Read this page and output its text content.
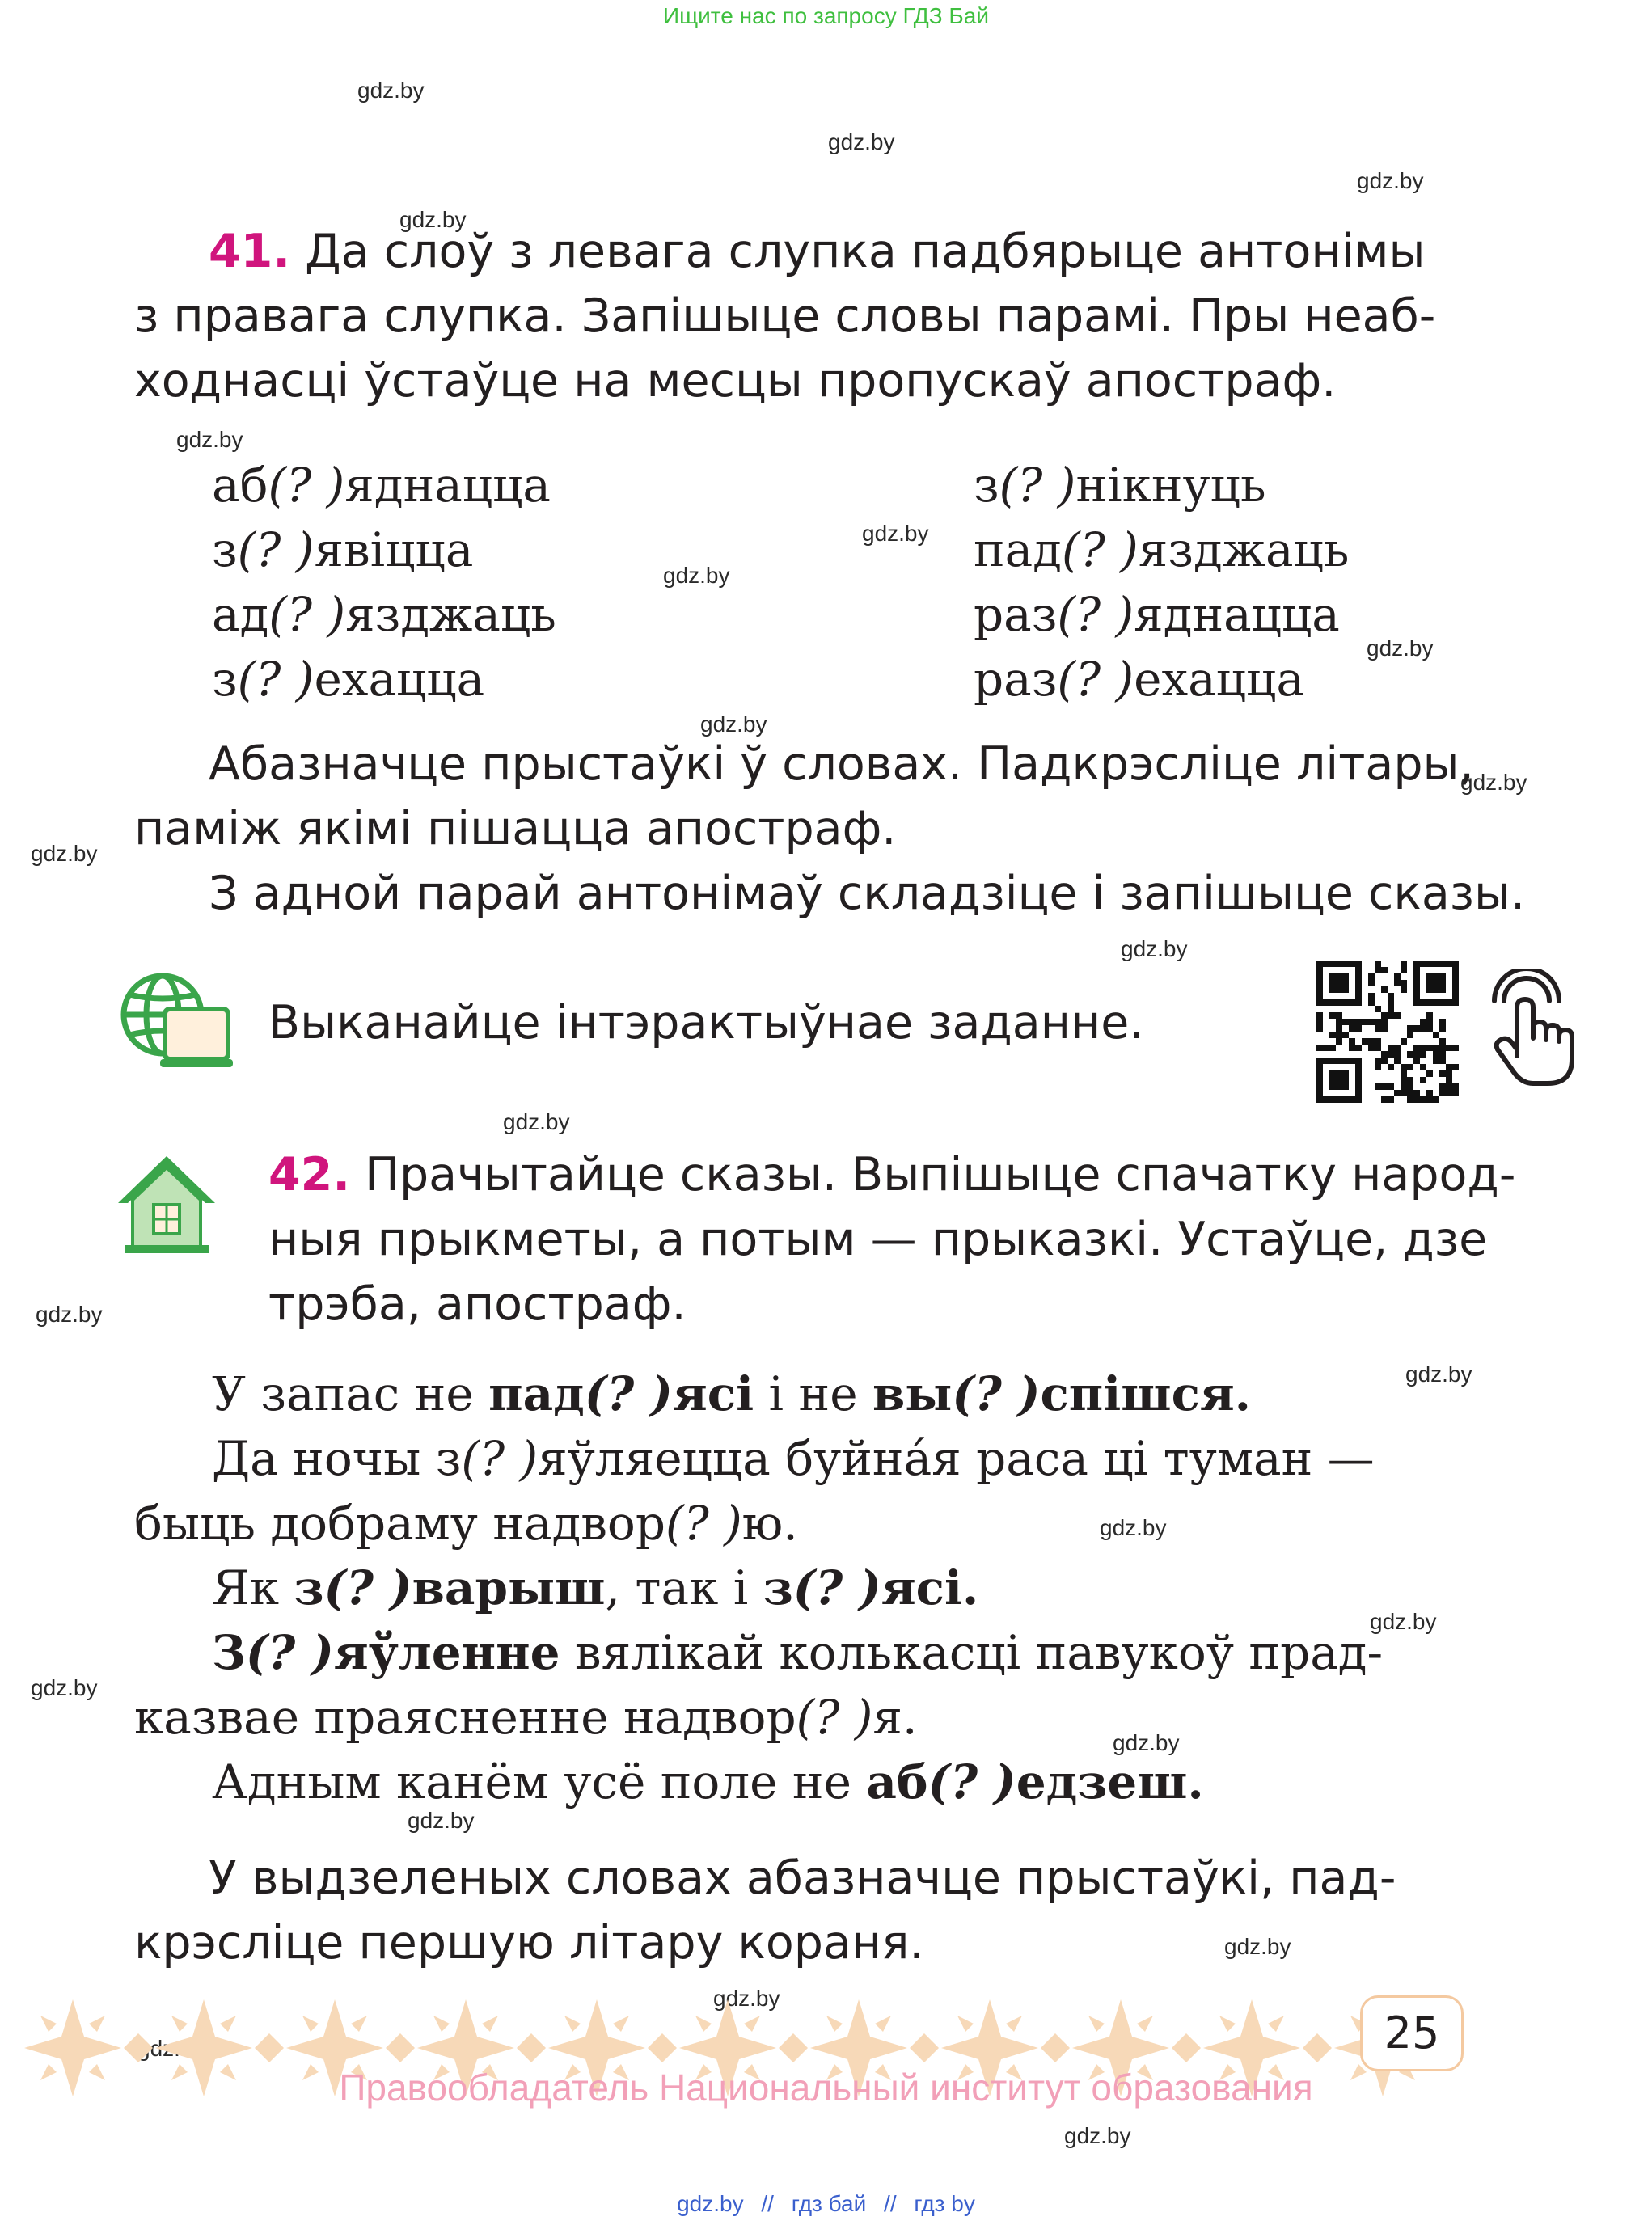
Ищите нас по запросу ГДЗ Бай
gdz.by
gdz.by
gdz.by
gdz.by
gdz.by
gdz.by
gdz.by
gdz.by
gdz.by
gdz.by
gdz.by
gdz.by
gdz.by
gdz.by
gdz.by
gdz.by
gdz.by
gdz.by
gdz.by
gdz.by
gdz.by
gdz.by
gdz.by
41. Да слоў з левага слупка падбярыце антонімы
з правага слупка. Запішыце словы парамі. Пры неаб-
ходнасці ўстаўце на месцы пропускаў апостраф.
аб(? )яднацца
з(? )явіцца
ад(? )язджаць
з(? )ехацца
з(? )нікнуць
пад(? )язджаць
раз(? )яднацца
раз(? )ехацца
Абазначце прыстаўкі ў словах. Падкрэсліце літары,
паміж якімі пішацца апостраф.
З адной парай антонімаў складзіце і запішыце сказы.
Выканайце інтэрактыўнае заданне.
42. Прачытайце сказы. Выпішыце спачатку народ-
ныя прыкметы, а потым — прыказкі. Устаўце, дзе
трэба, апостраф.
У запас не пад(? )ясі і не вы(? )спішся.
Да ночы з(? )яўляецца буйна́я раса ці туман —
быць добраму надвор(? )ю.
Як з(? )варыш, так і з(? )ясі.
З(? )яўленне вялікай колькасці павукоў прад-
казвае праясненне надвор(? )я.
Адным канём усё поле не аб(? )едзеш.
У выдзеленых словах абазначце прыстаўкі, пад-
крэсліце першую літару кораня.
25
Правообладатель Национальный институт образования
gdz.by // гдз бай // гдз by
